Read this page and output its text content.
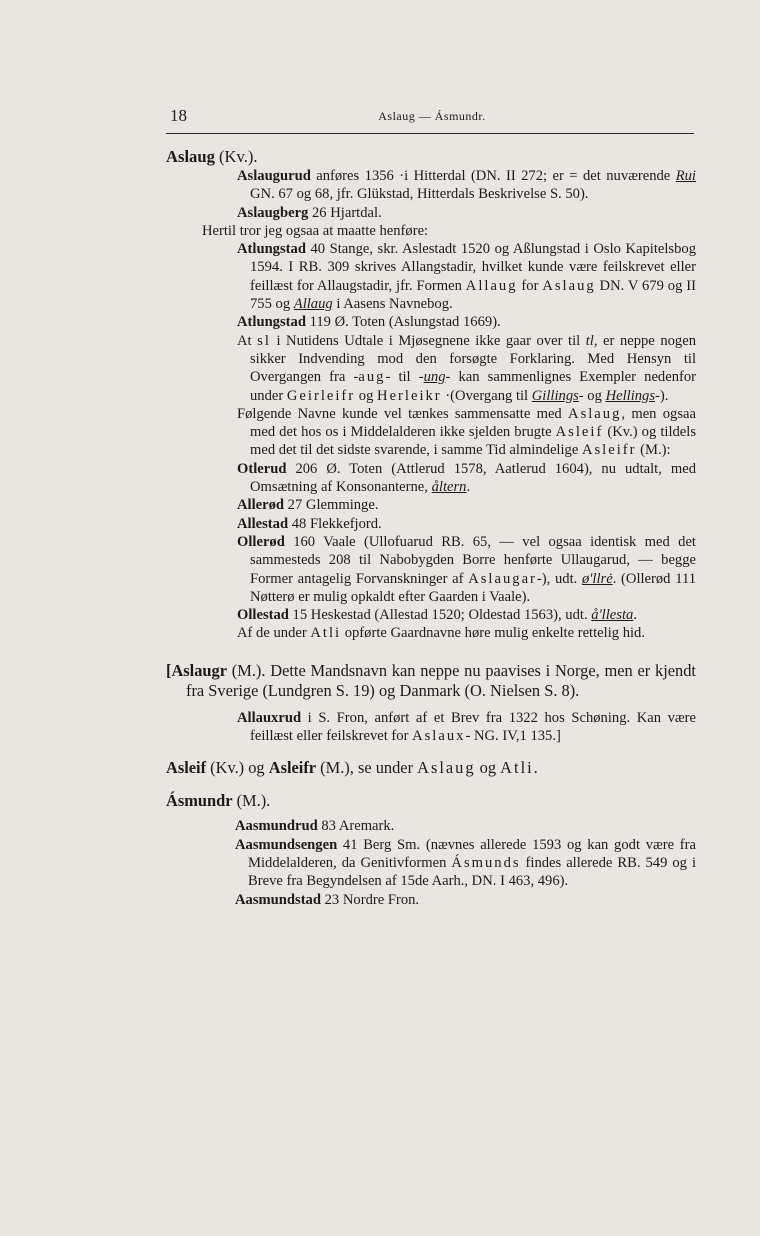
18	Aslaug — Ásmundr.

Aslaug (Kv.).

Aslaugurud anføres 1356 ·i Hitterdal (DN. II 272; er = det nuværende Rui GN. 67 og 68, jfr. Glükstad, Hitterdals Beskrivelse S. 50).

Aslaugberg 26 Hjartdal.

Hertil tror jeg ogsaa at maatte henføre:

Atlungstad 40 Stange, skr. Aslestadt 1520 og Aßlungstad i Oslo Kapitelsbog 1594. I RB. 309 skrives Allangstadir, hvilket kunde være feilskrevet eller feillæst for Allaugstadir, jfr. Formen Allaug for Aslaug DN. V 679 og II 755 og Allaug i Aasens Navnebog.

Atlungstad 119 Ø. Toten (Aslungstad 1669).

At sl i Nutidens Udtale i Mjøsegnene ikke gaar over til tl, er neppe nogen sikker Indvending mod den forsøgte Forklaring. Med Hensyn til Overgangen fra -aug- til -ung- kan sammenlignes Exempler nedenfor under Geirleifr og Herleikr ·(Overgang til Gillings- og Hellings-).

Følgende Navne kunde vel tænkes sammensatte med Aslaug, men ogsaa med det hos os i Middelalderen ikke sjelden brugte Asleif (Kv.) og tildels med det til det sidste svarende, i samme Tid almindelige Asleifr (M.):

Otlerud 206 Ø. Toten (Attlerud 1578, Aatlerud 1604), nu udtalt, med Omsætning af Konsonanterne, åltern.

Allerød 27 Glemminge.

Allestad 48 Flekkefjord.

Ollerød 160 Vaale (Ullofuarud RB. 65, — vel ogsaa identisk med det sammesteds 208 til Nabobygden Borre henførte Ullaugarud, — begge Former antagelig Forvanskninger af Aslaugar-), udt. ø'llrė. (Ollerød 111 Nøtterø er mulig opkaldt efter Gaarden i Vaale).

Ollestad 15 Heskestad (Allestad 1520; Oldestad 1563), udt. å'llesta.

Af de under Atli opførte Gaardnavne høre mulig enkelte rettelig hid.

[Aslaugr (M.). Dette Mandsnavn kan neppe nu paavises i Norge, men er kjendt fra Sverige (Lundgren S. 19) og Danmark (O. Nielsen S. 8).

Allauxrud i S. Fron, anført af et Brev fra 1322 hos Schøning. Kan være feillæst eller feilskrevet for Aslaux- NG. IV,1 135.]

Asleif (Kv.) og Asleifr (M.), se under Aslaug og Atli.

Ásmundr (M.).

Aasmundrud 83 Aremark.

Aasmundsengen 41 Berg Sm. (nævnes allerede 1593 og kan godt være fra Middelalderen, da Genitivformen Ásmunds findes allerede RB. 549 og i Breve fra Begyndelsen af 15de Aarh., DN. I 463, 496).

Aasmundstad 23 Nordre Fron.
